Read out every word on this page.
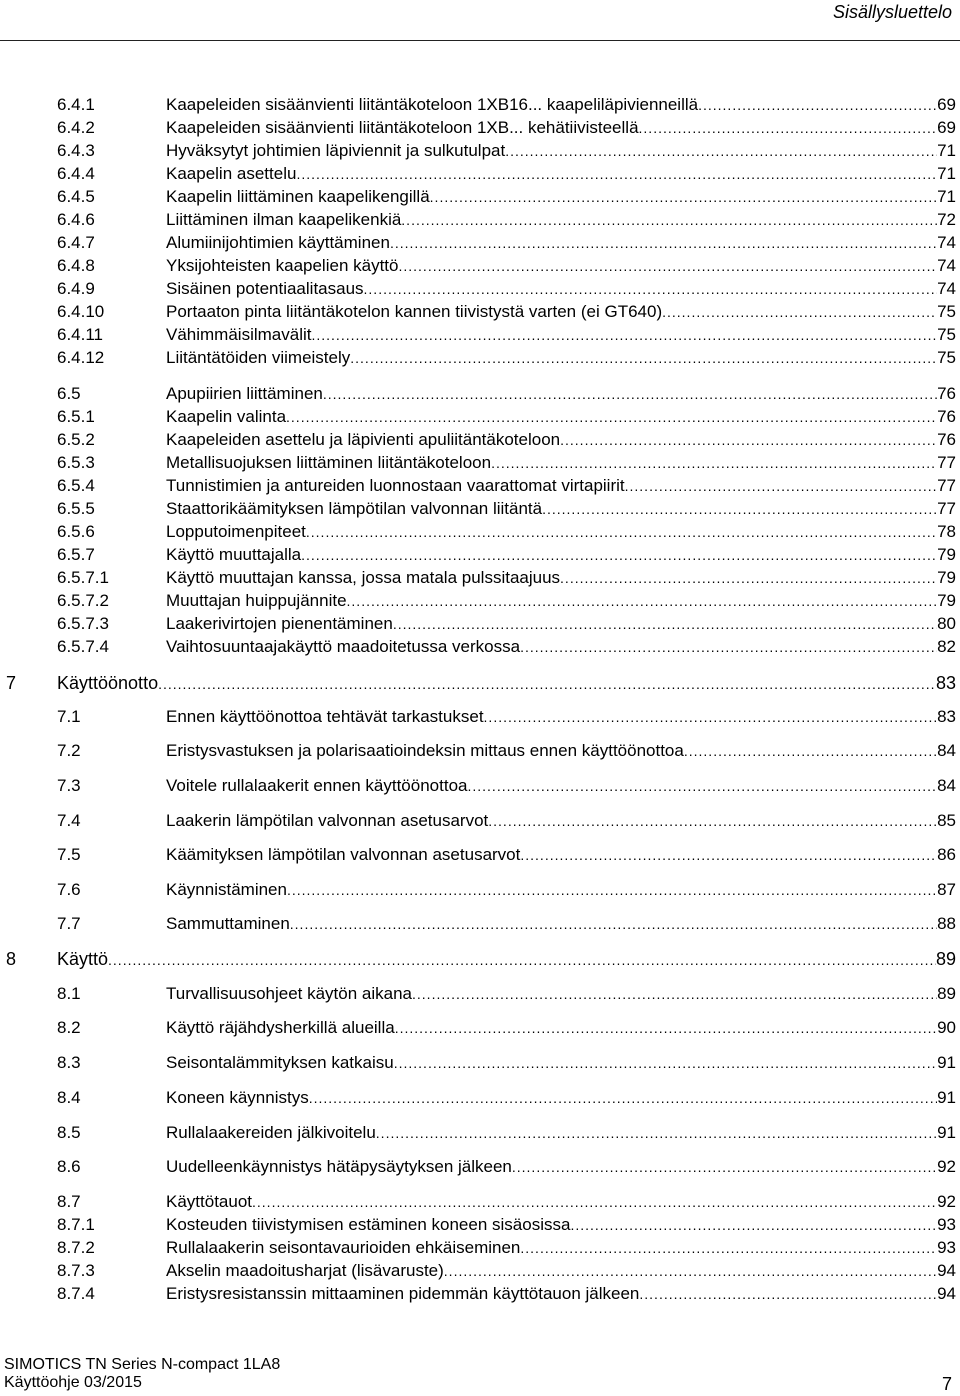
Sisällysluettelo
6.4.1	Kaapeleiden sisäänvienti liitäntäkoteloon 1XB16... kaapeliläpivienneillä .....	69
6.4.2	Kaapeleiden sisäänvienti liitäntäkoteloon 1XB... kehätiivisteellä .....	69
6.4.3	Hyväksytyt johtimien läpiviennit ja sulkutulpat .....	71
6.4.4	Kaapelin asettelu .....	71
6.4.5	Kaapelin liittäminen kaapelikengillä .....	71
6.4.6	Liittäminen ilman kaapelikenkiä .....	72
6.4.7	Alumiinijohtimien käyttäminen .....	74
6.4.8	Yksijohteisten kaapelien käyttö .....	74
6.4.9	Sisäinen potentiaalitasaus .....	74
6.4.10	Portaaton pinta liitäntäkotelon kannen tiivistystä varten (ei GT640) .....	75
6.4.11	Vähimmäisilmavälit .....	75
6.4.12	Liitäntätöiden viimeistely .....	75
6.5	Apupiirien liittäminen .....	76
6.5.1	Kaapelin valinta .....	76
6.5.2	Kaapeleiden asettelu ja läpivienti apuliitäntäkoteloon .....	76
6.5.3	Metallisuojuksen liittäminen liitäntäkoteloon .....	77
6.5.4	Tunnistimien ja antureiden luonnostaan vaarattomat virtapiirit .....	77
6.5.5	Staattorikäämityksen lämpötilan valvonnan liitäntä .....	77
6.5.6	Lopputoimenpiteet .....	78
6.5.7	Käyttö muuttajalla .....	79
6.5.7.1	Käyttö muuttajan kanssa, jossa matala pulssitaajuus .....	79
6.5.7.2	Muuttajan huippujännite .....	79
6.5.7.3	Laakerivirtojen pienentäminen .....	80
6.5.7.4	Vaihtosuuntaajakäyttö maadoitetussa verkossa .....	82
7 Käyttöönotto .....	83
7.1	Ennen käyttöönottoa tehtävät tarkastukset .....	83
7.2	Eristysvastuksen ja polarisaatioindeksin mittaus ennen käyttöönottoa .....	84
7.3	Voitele rullalaakerit ennen käyttöönottoa .....	84
7.4	Laakerin lämpötilan valvonnan asetusarvot .....	85
7.5	Käämityksen lämpötilan valvonnan asetusarvot .....	86
7.6	Käynnistäminen .....	87
7.7	Sammuttaminen .....	88
8 Käyttö .....	89
8.1	Turvallisuusohjeet käytön aikana .....	89
8.2	Käyttö räjähdysherkillä alueilla .....	90
8.3	Seisontalämmityksen katkaisu .....	91
8.4	Koneen käynnistys .....	91
8.5	Rullalaakereiden jälkivoitelu .....	91
8.6	Uudelleenkäynnistys hätäpysäytyksen jälkeen .....	92
8.7	Käyttötauot .....	92
8.7.1	Kosteuden tiivistymisen estäminen koneen sisäosissa .....	93
8.7.2	Rullalaakerin seisontavaurioiden ehkäiseminen .....	93
8.7.3	Akselin maadoitusharjat (lisävaruste) .....	94
8.7.4	Eristysresistanssin mittaaminen pidemmän käyttötauon jälkeen .....	94
SIMOTICS TN Series N-compact 1LA8
Käyttöohje 03/2015	7
